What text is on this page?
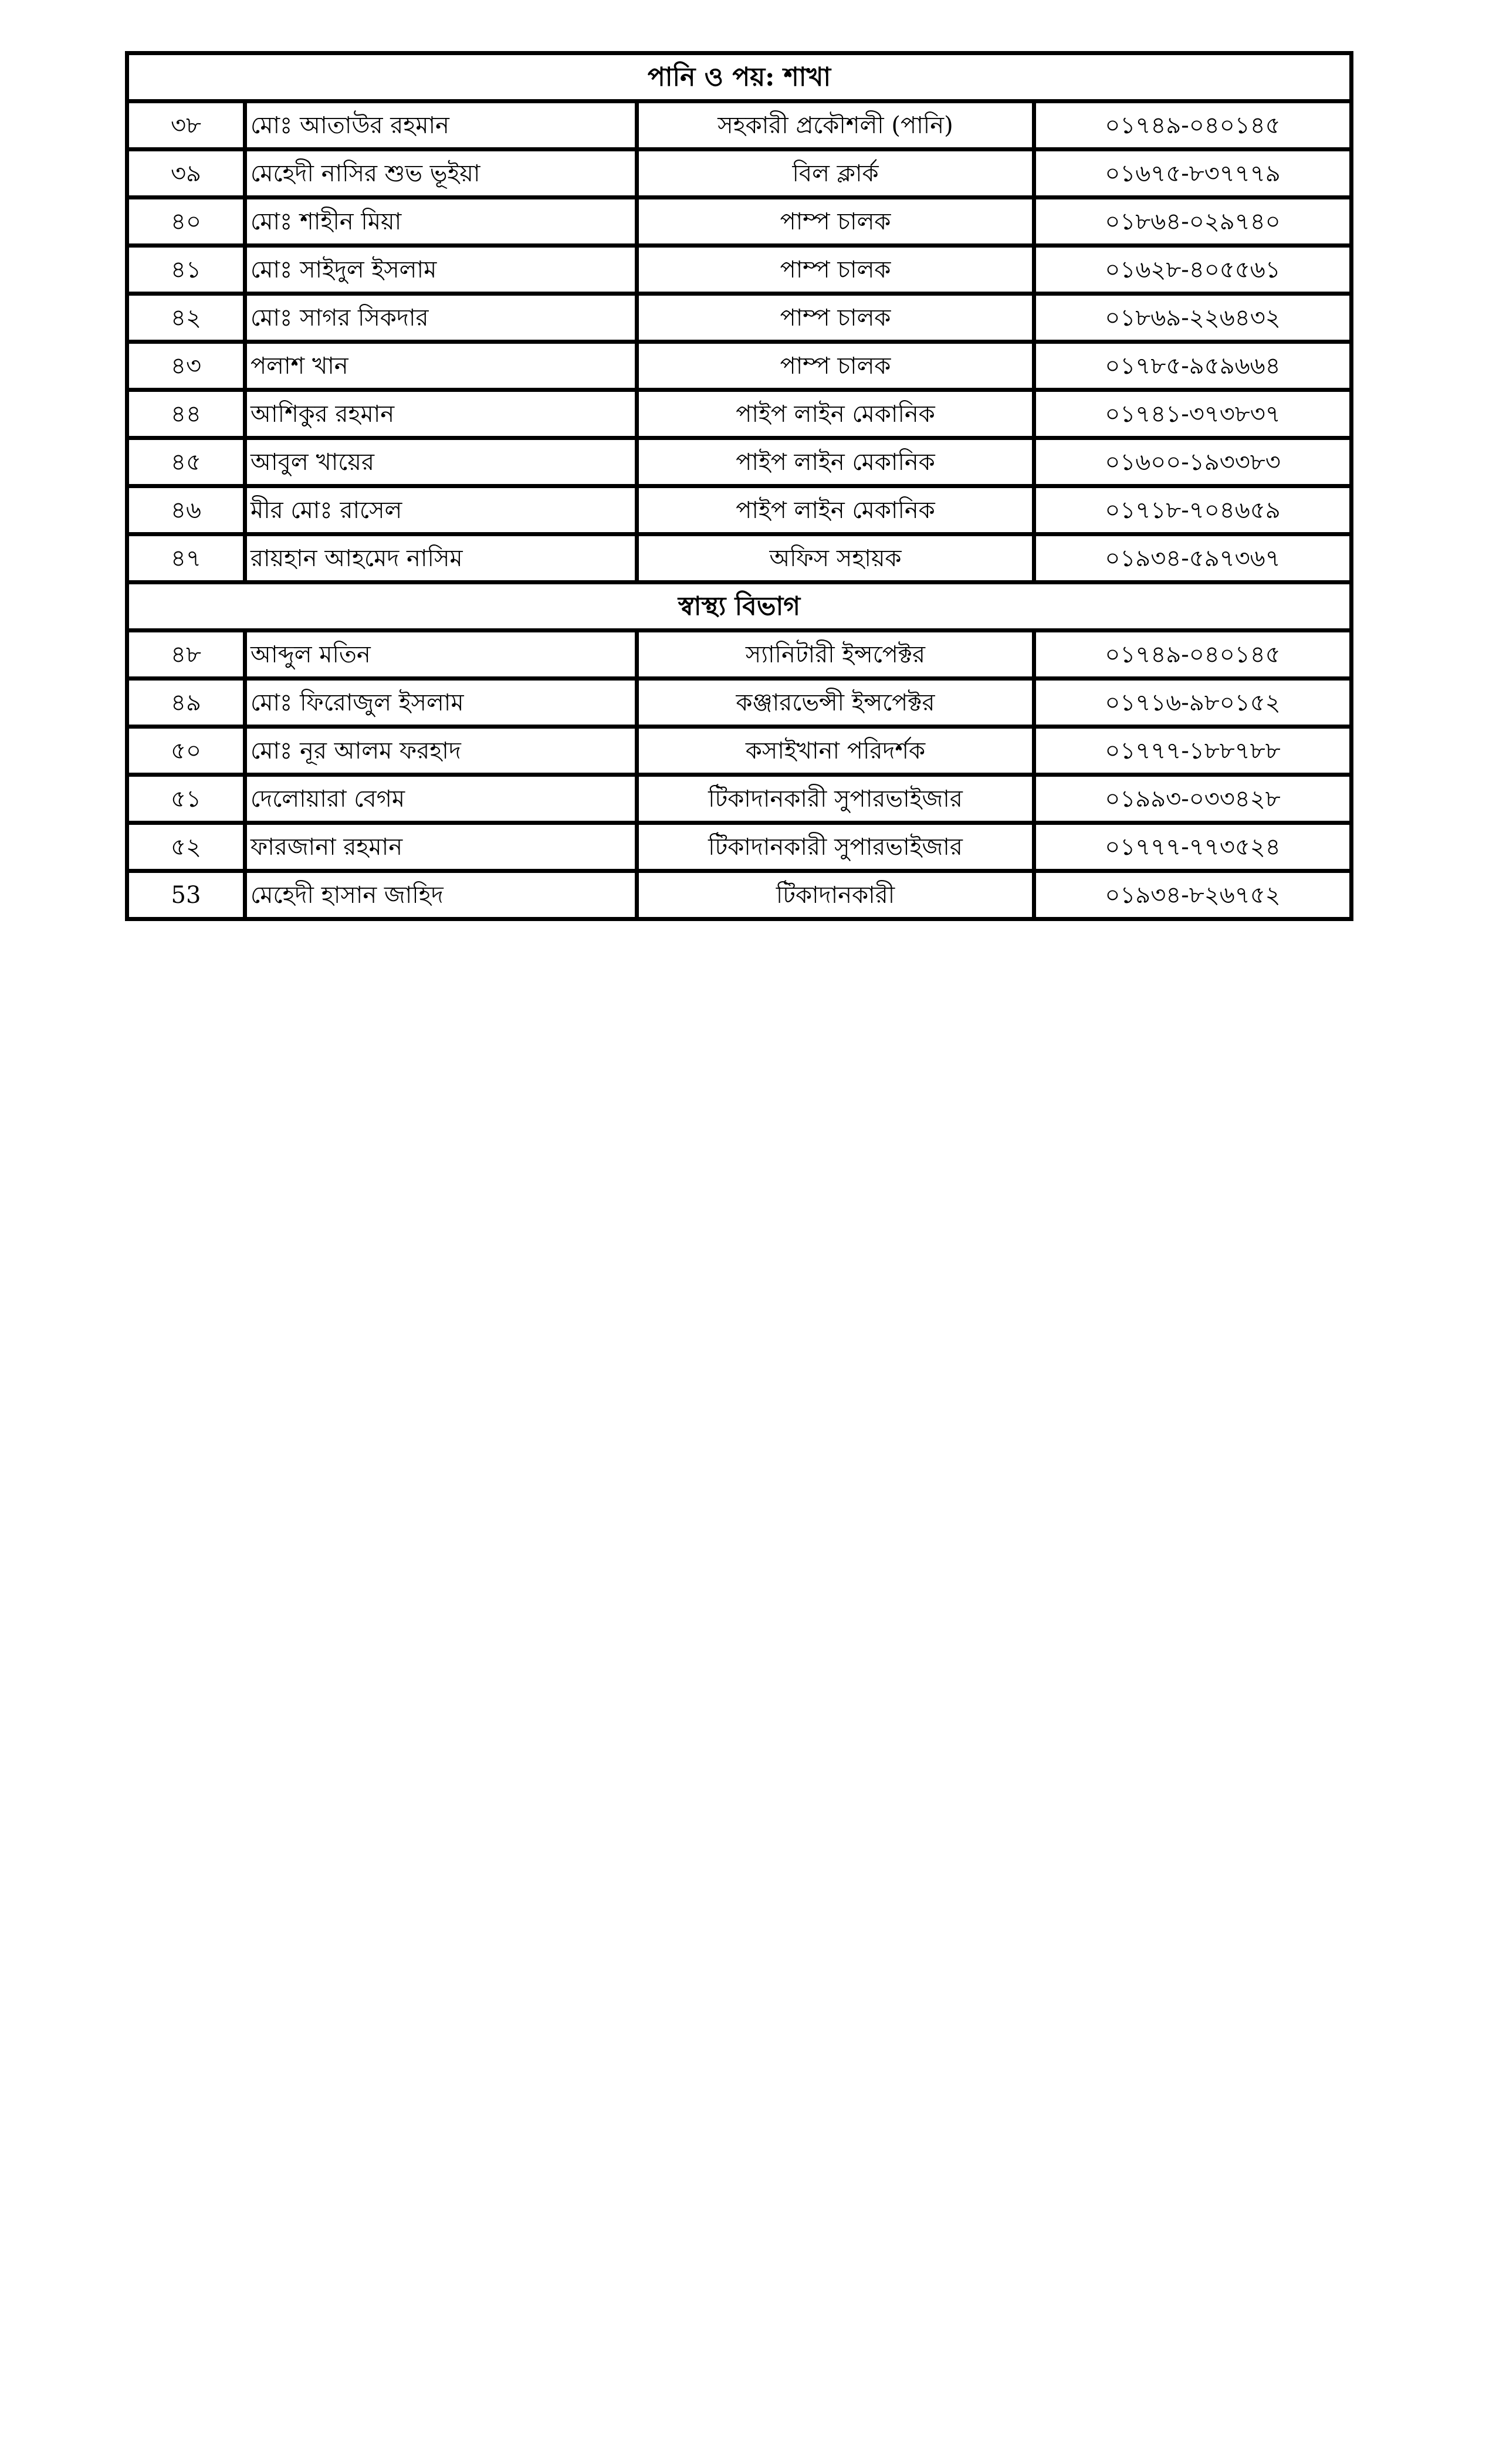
পানি ও পয়: শাখা			
৩৮	মোঃ আতাউর রহমান	সহকারী প্রকৌশলী (পানি)	০১৭৪৯-০৪০১৪৫
৩৯	মেহেদী নাসির শুভ ভূইয়া	বিল ক্লার্ক	০১৬৭৫-৮৩৭৭৭৯
৪০	মোঃ শাহীন মিয়া	পাম্প চালক	০১৮৬৪-০২৯৭৪০
৪১	মোঃ সাইদুল ইসলাম	পাম্প চালক	০১৬২৮-৪০৫৫৬১
৪২	মোঃ সাগর সিকদার	পাম্প চালক	০১৮৬৯-২২৬৪৩২
৪৩	পলাশ খান	পাম্প চালক	০১৭৮৫-৯৫৯৬৬৪
৪৪	আশিকুর রহমান	পাইপ লাইন মেকানিক	০১৭৪১-৩৭৩৮৩৭
৪৫	আবুল খায়ের	পাইপ লাইন মেকানিক	০১৬০০-১৯৩৩৮৩
৪৬	মীর মোঃ রাসেল	পাইপ লাইন মেকানিক	০১৭১৮-৭০৪৬৫৯
৪৭	রায়হান আহমেদ নাসিম	অফিস সহায়ক	০১৯৩৪-৫৯৭৩৬৭
স্বাস্থ্য বিভাগ			
৪৮	আব্দুল মতিন	স্যানিটারী ইন্সপেক্টর	০১৭৪৯-০৪০১৪৫
৪৯	মোঃ ফিরোজুল ইসলাম	কঞ্জারভেন্সী ইন্সপেক্টর	০১৭১৬-৯৮০১৫২
৫০	মোঃ নূর আলম ফরহাদ	কসাইখানা পরিদর্শক	০১৭৭৭-১৮৮৭৮৮
৫১	দেলোয়ারা বেগম	টিকাদানকারী সুপারভাইজার	০১৯৯৩-০৩৩৪২৮
৫২	ফারজানা রহমান	টিকাদানকারী সুপারভাইজার	০১৭৭৭-৭৭৩৫২৪
53	মেহেদী হাসান জাহিদ	টিকাদানকারী	০১৯৩৪-৮২৬৭৫২
